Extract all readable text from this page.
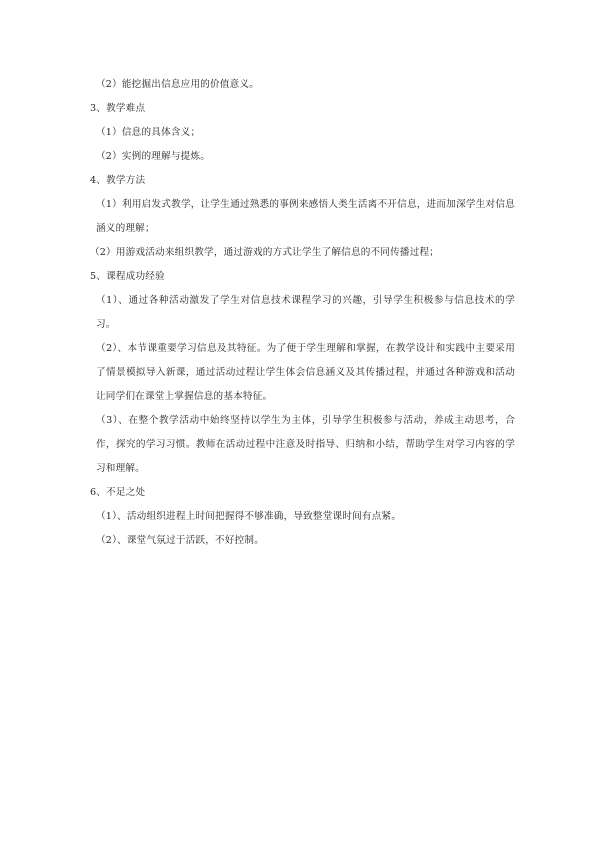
（2）能挖掘出信息应用的价值意义。
3、教学难点
（1）信息的具体含义；
（2）实例的理解与提炼。
4、教学方法
（1）利用启发式教学，让学生通过熟悉的事例来感悟人类生活离不开信息，进而加深学生对信息涵义的理解；
（2）用游戏活动来组织教学，通过游戏的方式让学生了解信息的不同传播过程；
5、课程成功经验
（1）、通过各种活动激发了学生对信息技术课程学习的兴趣，引导学生积极参与信息技术的学习。
（2）、本节课重要学习信息及其特征。为了便于学生理解和掌握，在教学设计和实践中主要采用了情景模拟导入新课，通过活动过程让学生体会信息涵义及其传播过程，并通过各种游戏和活动让同学们在课堂上掌握信息的基本特征。
（3）、在整个教学活动中始终坚持以学生为主体，引导学生积极参与活动，养成主动思考，合作，探究的学习习惯。教师在活动过程中注意及时指导、归纳和小结，帮助学生对学习内容的学习和理解。
6、不足之处
（1）、活动组织进程上时间把握得不够准确，导致整堂课时间有点紧。
（2）、课堂气氛过于活跃，不好控制。
